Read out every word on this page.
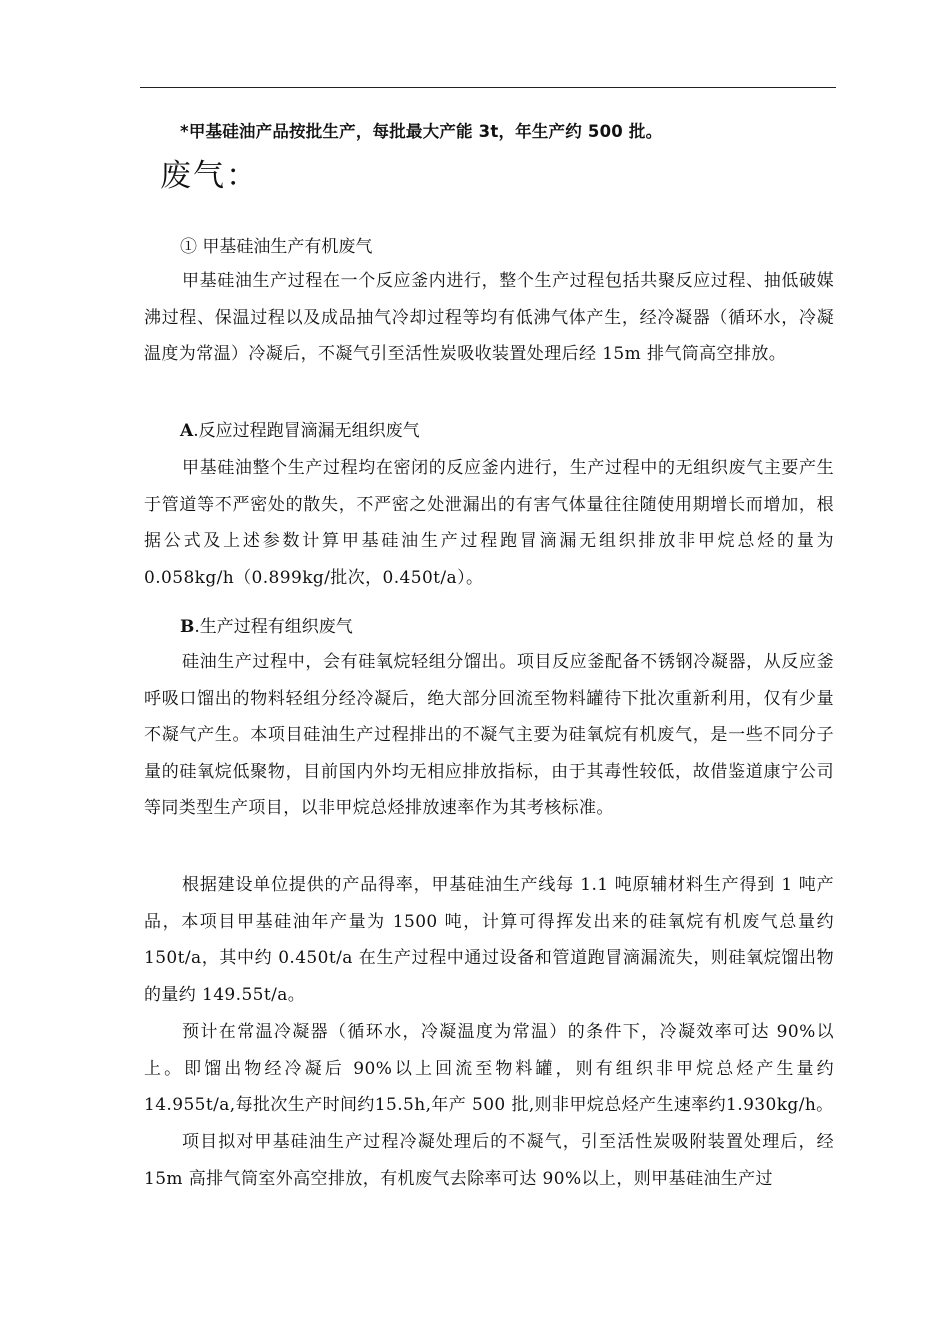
*甲基硅油产品按批生产，每批最大产能 3t，年生产约 500 批。
废气：
① 甲基硅油生产有机废气
甲基硅油生产过程在一个反应釜内进行，整个生产过程包括共聚反应过程、抽低破媒沸过程、保温过程以及成品抽气冷却过程等均有低沸气体产生，经冷凝器（循环水，冷凝温度为常温）冷凝后，不凝气引至活性炭吸收装置处理后经 15m 排气筒高空排放。
A.反应过程跑冒滴漏无组织废气
甲基硅油整个生产过程均在密闭的反应釜内进行，生产过程中的无组织废气主要产生于管道等不严密处的散失，不严密之处泄漏出的有害气体量往往随使用期增长而增加，根据公式及上述参数计算甲基硅油生产过程跑冒滴漏无组织排放非甲烷总烃的量为 0.058kg/h（0.899kg/批次，0.450t/a）。
B.生产过程有组织废气
硅油生产过程中，会有硅氧烷轻组分馏出。项目反应釜配备不锈钢冷凝器，从反应釜呼吸口馏出的物料轻组分经冷凝后，绝大部分回流至物料罐待下批次重新利用，仅有少量不凝气产生。本项目硅油生产过程排出的不凝气主要为硅氧烷有机废气，是一些不同分子量的硅氧烷低聚物，目前国内外均无相应排放指标，由于其毒性较低，故借鉴道康宁公司等同类型生产项目，以非甲烷总烃排放速率作为其考核标准。
根据建设单位提供的产品得率，甲基硅油生产线每 1.1 吨原辅材料生产得到 1 吨产品，本项目甲基硅油年产量为 1500 吨，计算可得挥发出来的硅氧烷有机废气总量约 150t/a，其中约 0.450t/a 在生产过程中通过设备和管道跑冒滴漏流失，则硅氧烷馏出物的量约 149.55t/a。
预计在常温冷凝器（循环水，冷凝温度为常温）的条件下，冷凝效率可达 90%以上。即馏出物经冷凝后 90%以上回流至物料罐，则有组织非甲烷总烃产生量约 14.955t/a,每批次生产时间约15.5h,年产 500 批,则非甲烷总烃产生速率约1.930kg/h。
项目拟对甲基硅油生产过程冷凝处理后的不凝气，引至活性炭吸附装置处理后，经 15m 高排气筒室外高空排放，有机废气去除率可达 90%以上，则甲基硅油生产过
